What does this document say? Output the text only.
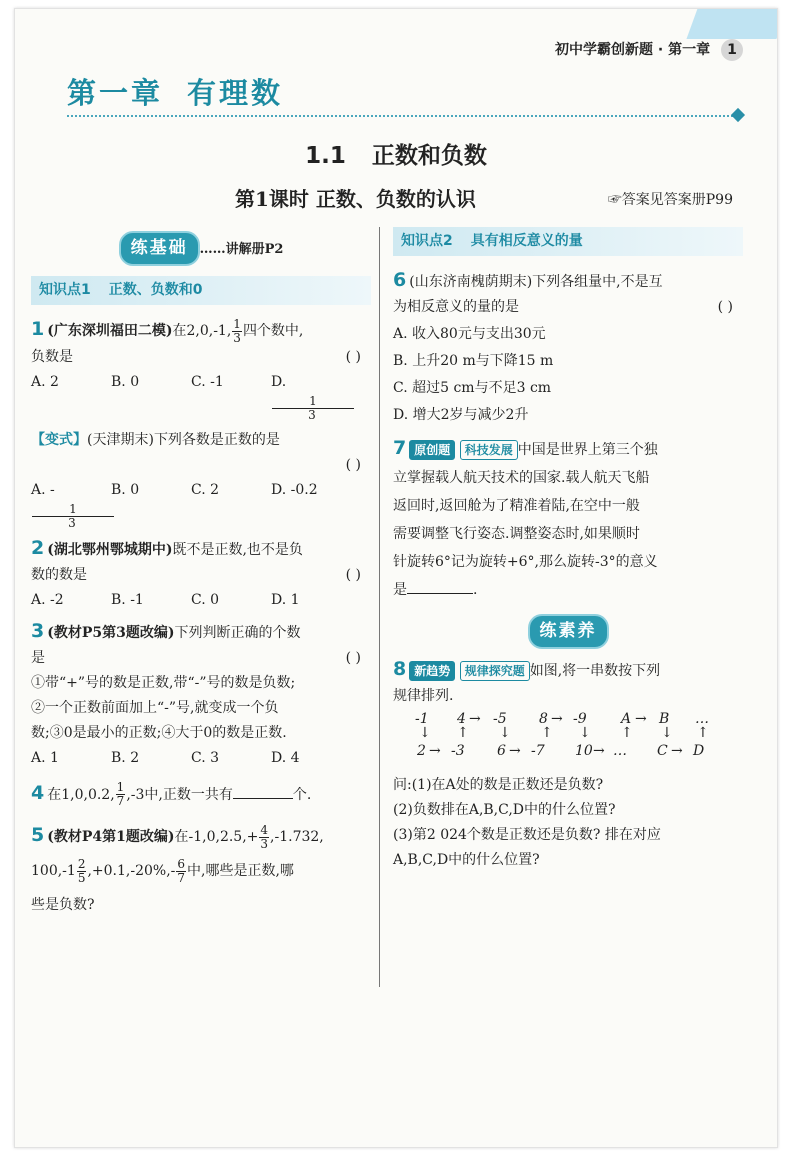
初中学霸创新题 · 第一章 1
第一章 有理数
1.1 正数和负数
第1课时 正数、负数的认识	☞答案见答案册P99
练基础 ……讲解册P2
知识点1 正数、负数和0
1 (广东深圳福田二模)在2,0,-1, $\frac{1}{3}$ 四个数中,
负数是	( )
A. 2	B. 0	C. -1	D.
$\frac{1}{3}$
【变式】(天津期末)下列各数是正数的是
( )
A. -
$\frac{1}{3}$
B. 0	C. 2	D. -0.2
2 (湖北鄂州鄂城期中)既不是正数,也不是负
数的数是	( )
A. -2	B. -1	C. 0	D. 1
3 (教材P5第3题改编)下列判断正确的个数
是	( )
①带“+”号的数是正数,带“-”号的数是负数;
②一个正数前面加上“-”号,就变成一个负
数;③0是最小的正数;④大于0的数是正数.
A. 1	B. 2	C. 3	D. 4
4 在1,0,0.2, $\frac{1}{7} ,-3$中,正数一共有	个.
5 (教材P4第1题改编)在$-1,0,2.5,+ \frac{4}{3} ,-1.732$,
$100,-1 \frac{2}{5} ,+0.1,-20\%,- \frac{6}{7}$ 中,哪些是正数,哪
些是负数?
知识点2 具有相反意义的量
6 (山东济南槐荫期末)下列各组量中,不是互
为相反意义的量的是	( )
A. 收入80元与支出30元
B. 上升20 m与下降15 m
C. 超过5 cm与不足3 cm
D. 增大2岁与减少2升
7 原创题 科技发展 中国是世界上第三个独
立掌握载人航天技术的国家.载人航天飞船
返回时,返回舱为了精准着陆,在空中一般
需要调整飞行姿态.调整姿态时,如果顺时
针旋转6°记为旋转+6°,那么旋转-3°的意义
是	.
练素养
8 新趋势 规律探究题 如图,将一串数按下列
规律排列.
-1
↓
2 → -3
4 → -5
↑ ↓
6 → -7
8 → -9
↑ ↓
10 → …
A → B
↑ ↓
C → D
…
↑
问:(1)在A处的数是正数还是负数?
(2)负数排在A,B,C,D中的什么位置?
(3)第2 024个数是正数还是负数? 排在对应
A,B,C,D中的什么位置?
